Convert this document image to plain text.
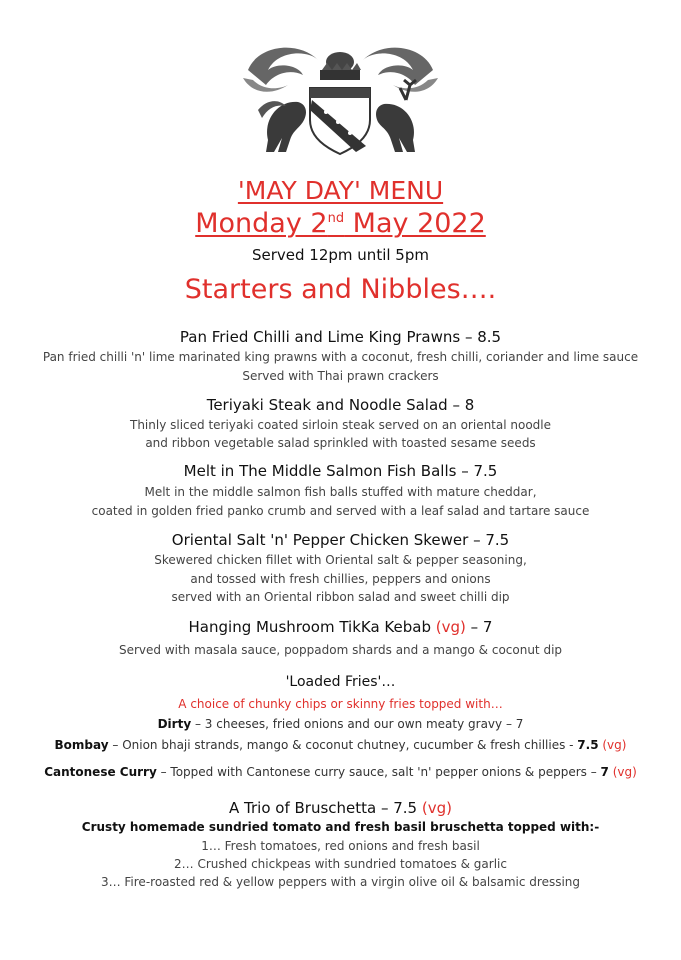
'MAY DAY' MENU
Monday 2nd May 2022
Served 12pm until 5pm
Starters and Nibbles….
Pan Fried Chilli and Lime King Prawns – 8.5
Pan fried chilli 'n' lime marinated king prawns with a coconut, fresh chilli, coriander and lime sauce
Served with Thai prawn crackers
Teriyaki Steak and Noodle Salad – 8
Thinly sliced teriyaki coated sirloin steak served on an oriental noodle
and ribbon vegetable salad sprinkled with toasted sesame seeds
Melt in The Middle Salmon Fish Balls – 7.5
Melt in the middle salmon fish balls stuffed with mature cheddar,
coated in golden fried panko crumb and served with a leaf salad and tartare sauce
Oriental Salt 'n' Pepper Chicken Skewer – 7.5
Skewered chicken fillet with Oriental salt & pepper seasoning,
and tossed with fresh chillies, peppers and onions
served with an Oriental ribbon salad and sweet chilli dip
Hanging Mushroom TikKa Kebab (vg) – 7
Served with masala sauce, poppadom shards and a mango & coconut dip
'Loaded Fries'…
A choice of chunky chips or skinny fries topped with…
Dirty – 3 cheeses, fried onions and our own meaty gravy – 7
Bombay – Onion bhaji strands, mango & coconut chutney, cucumber & fresh chillies - 7.5 (vg)
Cantonese Curry – Topped with Cantonese curry sauce, salt 'n' pepper onions & peppers – 7 (vg)
A Trio of Bruschetta – 7.5 (vg)
Crusty homemade sundried tomato and fresh basil bruschetta topped with:-
1… Fresh tomatoes, red onions and fresh basil
2… Crushed chickpeas with sundried tomatoes & garlic
3… Fire-roasted red & yellow peppers with a virgin olive oil & balsamic dressing
